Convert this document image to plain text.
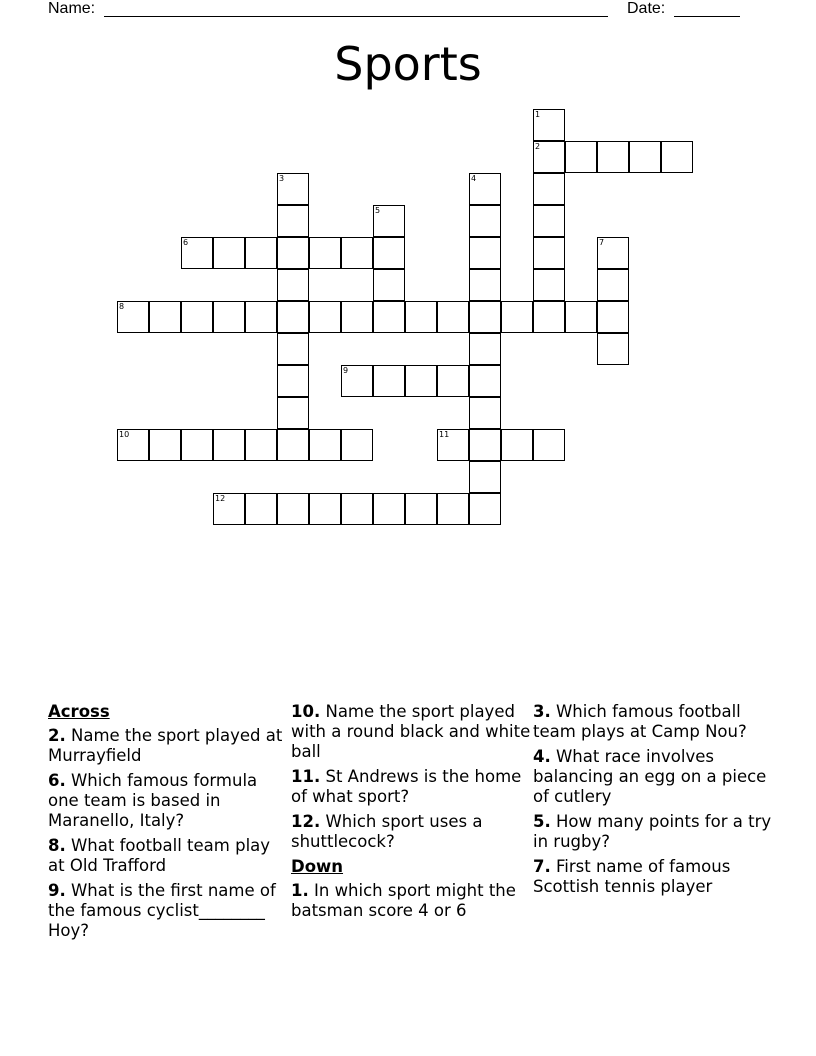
Name:	Date:
Sports
1
2
3	4
5
6	7
8
9
10	11
12
Across
2. Name the sport played at Murrayfield
6. Which famous formula one team is based in Maranello, Italy?
8. What football team play at Old Trafford
9. What is the first name of the famous cyclist________ Hoy?
10. Name the sport played with a round black and white ball
11. St Andrews is the home of what sport?
12. Which sport uses a shuttlecock?
Down
1. In which sport might the batsman score 4 or 6
3. Which famous football team plays at Camp Nou?
4. What race involves balancing an egg on a piece of cutlery
5. How many points for a try in rugby?
7. First name of famous Scottish tennis player
